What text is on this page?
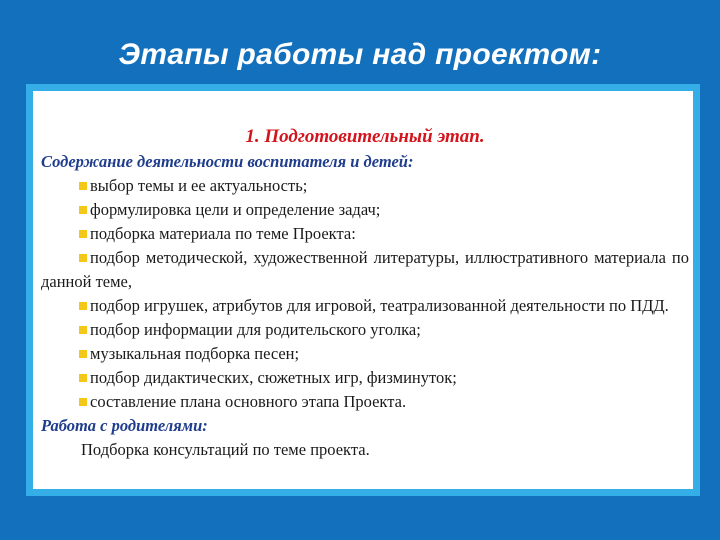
Этапы работы над проектом:
1. Подготовительный этап.
Содержание деятельности воспитателя и детей:
выбор темы и ее актуальность;
формулировка цели и определение задач;
подборка материала по теме Проекта:
подбор методической, художественной литературы, иллюстративного материала по данной теме,
подбор игрушек, атрибутов для игровой, театрализованной деятельности по ПДД.
подбор информации для родительского уголка;
музыкальная подборка песен;
подбор дидактических, сюжетных игр, физминуток;
составление плана основного этапа Проекта.
Работа с родителями:
Подборка консультаций по теме проекта.
